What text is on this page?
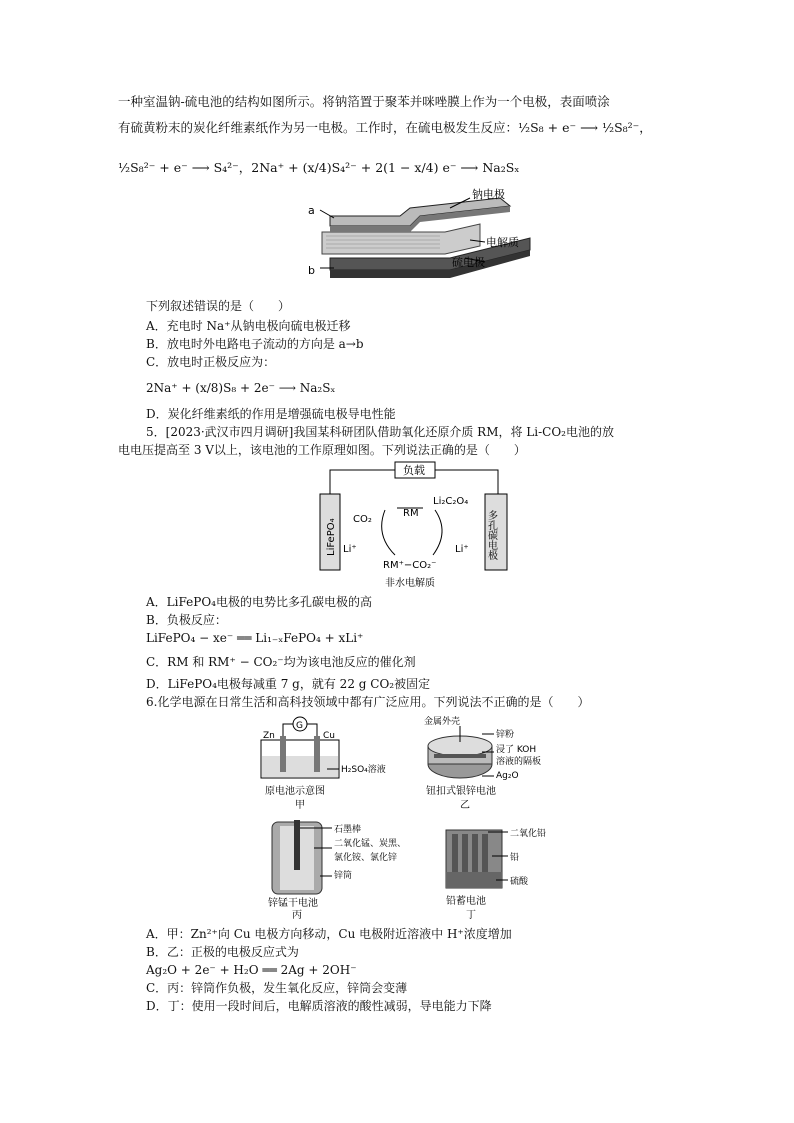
一种室温钠-硫电池的结构如图所示。将钠箔置于聚苯并咪唑膜上作为一个电极，表面喷涂
有硫黄粉末的炭化纤维素纸作为另一电极。工作时，在硫电极发生反应：½S₈ + e⁻ ⟶ ½S₈²⁻，
½S₈²⁻ + e⁻ ⟶ S₄²⁻，2Na⁺ + (x/4)S₄²⁻ + 2(1 − x/4) e⁻ ⟶ Na₂Sₓ
a
b
钠电极
电解质
硫电极
下列叙述错误的是（　　）
A．充电时 Na⁺从钠电极向硫电极迁移
B．放电时外电路电子流动的方向是 a→b
C．放电时正极反应为：
2Na⁺ + (x/8)S₈ + 2e⁻ ⟶ Na₂Sₓ
D．炭化纤维素纸的作用是增强硫电极导电性能
5．[2023·武汉市四月调研]我国某科研团队借助氧化还原介质 RM，将 Li-CO₂电池的放
电电压提高至 3 V以上，该电池的工作原理如图。下列说法正确的是（　　）
负载
LiFePO₄	多孔碳电极
CO₂
RM
Li₂C₂O₄
Li⁺	Li⁺
RM⁺−CO₂⁻
非水电解质
A．LiFePO₄电极的电势比多孔碳电极的高
B．负极反应：
LiFePO₄ − xe⁻ ══ Li₁₋ₓFePO₄ + xLi⁺
C．RM 和 RM⁺ − CO₂⁻均为该电池反应的催化剂
D．LiFePO₄电极每减重 7 g，就有 22 g CO₂被固定
6.化学电源在日常生活和高科技领域中都有广泛应用。下列说法不正确的是（　　）
G
Zn	Cu
H₂SO₄溶液
原电池示意图
甲
金属外壳
锌粉
浸了 KOH
溶液的隔板
Ag₂O
钮扣式银锌电池
乙
石墨棒
二氧化锰、炭黑、
氯化铵、氯化锌
锌筒
锌锰干电池
丙
二氧化铅
铅
硫酸
铅蓄电池
丁
A．甲：Zn²⁺向 Cu 电极方向移动，Cu 电极附近溶液中 H⁺浓度增加
B．乙：正极的电极反应式为
Ag₂O + 2e⁻ + H₂O ══ 2Ag + 2OH⁻
C．丙：锌筒作负极，发生氧化反应，锌筒会变薄
D．丁：使用一段时间后，电解质溶液的酸性减弱，导电能力下降
